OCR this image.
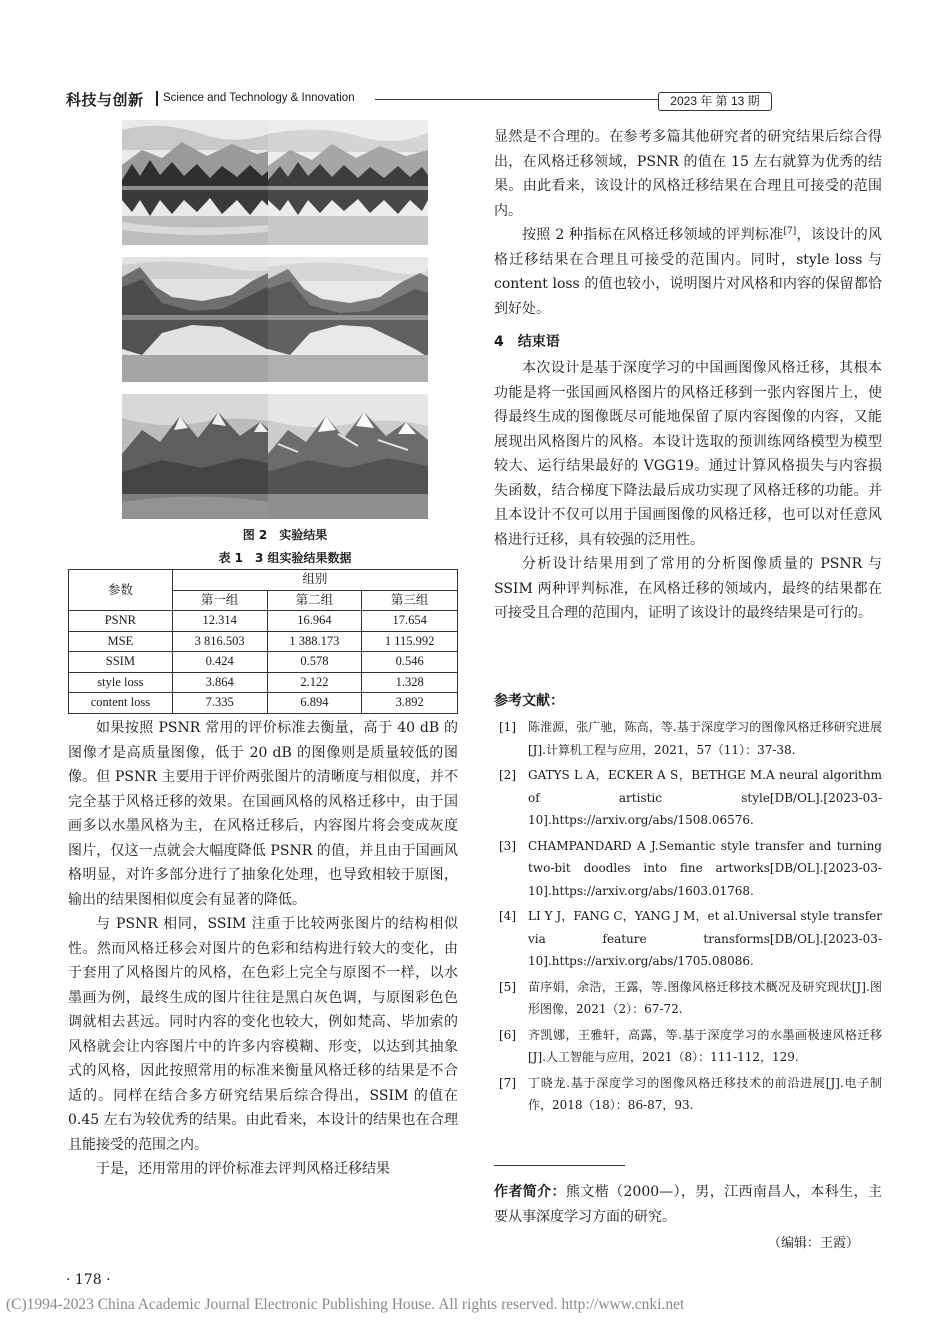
科技与创新 Science and Technology & Innovation	2023 年 第 13 期
图 2　实验结果
表 1　3 组实验结果数据
参数	组别		
	第一组	第二组	第三组
PSNR	12.314	16.964	17.654
MSE	3 816.503	1 388.173	1 115.992
SSIM	0.424	0.578	0.546
style loss	3.864	2.122	1.328
content loss	7.335	6.894	3.892

如果按照 PSNR 常用的评价标准去衡量，高于 40 dB 的图像才是高质量图像，低于 20 dB 的图像则是质量较低的图像。但 PSNR 主要用于评价两张图片的清晰度与相似度，并不完全基于风格迁移的效果。在国画风格的风格迁移中，由于国画多以水墨风格为主，在风格迁移后，内容图片将会变成灰度图片，仅这一点就会大幅度降低 PSNR 的值，并且由于国画风格明显，对许多部分进行了抽象化处理，也导致相较于原图，输出的结果图相似度会有显著的降低。

与 PSNR 相同，SSIM 注重于比较两张图片的结构相似性。然而风格迁移会对图片的色彩和结构进行较大的变化，由于套用了风格图片的风格，在色彩上完全与原图不一样，以水墨画为例，最终生成的图片往往是黑白灰色调，与原图彩色色调就相去甚远。同时内容的变化也较大，例如梵高、毕加索的风格就会让内容图片中的许多内容模糊、形变，以达到其抽象式的风格，因此按照常用的标准来衡量风格迁移的结果是不合适的。同样在结合多方研究结果后综合得出，SSIM 的值在 0.45 左右为较优秀的结果。由此看来，本设计的结果也在合理且能接受的范围之内。

于是，还用常用的评价标准去评判风格迁移结果

显然是不合理的。在参考多篇其他研究者的研究结果后综合得出，在风格迁移领域，PSNR 的值在 15 左右就算为优秀的结果。由此看来，该设计的风格迁移结果在合理且可接受的范围内。

按照 2 种指标在风格迁移领域的评判标准[7]，该设计的风格迁移结果在合理且可接受的范围内。同时，style loss 与 content loss 的值也较小，说明图片对风格和内容的保留都恰到好处。

4　结束语

本次设计是基于深度学习的中国画图像风格迁移，其根本功能是将一张国画风格图片的风格迁移到一张内容图片上，使得最终生成的图像既尽可能地保留了原内容图像的内容，又能展现出风格图片的风格。本设计选取的预训练网络模型为模型较大、运行结果最好的 VGG19。通过计算风格损失与内容损失函数，结合梯度下降法最后成功实现了风格迁移的功能。并且本设计不仅可以用于国画图像的风格迁移，也可以对任意风格进行迁移，具有较强的泛用性。

分析设计结果用到了常用的分析图像质量的 PSNR 与 SSIM 两种评判标准，在风格迁移的领域内，最终的结果都在可接受且合理的范围内，证明了该设计的最终结果是可行的。

参考文献：
[1] 陈淮源，张广驰，陈高，等.基于深度学习的图像风格迁移研究进展[J].计算机工程与应用，2021，57（11）：37-38.
[2] GATYS L A，ECKER A S，BETHGE M.A neural algorithm of artistic style[DB/OL].[2023-03-10].https://arxiv.org/abs/1508.06576.
[3] CHAMPANDARD A J.Semantic style transfer and turning two-bit doodles into fine artworks[DB/OL].[2023-03-10].https://arxiv.org/abs/1603.01768.
[4] LI Y J，FANG C，YANG J M，et al.Universal style transfer via feature transforms[DB/OL].[2023-03-10].https://arxiv.org/abs/1705.08086.
[5] 苗序娟，余浩，王露，等.图像风格迁移技术概况及研究现状[J].图形图像，2021（2）：67-72.
[6] 齐凯娜，王雅轩，高露，等.基于深度学习的水墨画极速风格迁移[J].人工智能与应用，2021（8）：111-112，129.
[7] 丁晓龙.基于深度学习的图像风格迁移技术的前沿进展[J].电子制作，2018（18）：86-87，93.
作者简介：熊文楷（2000—），男，江西南昌人，本科生，主要从事深度学习方面的研究。
（编辑：王霞）
· 178 ·
(C)1994-2023 China Academic Journal Electronic Publishing House. All rights reserved. http://www.cnki.net
